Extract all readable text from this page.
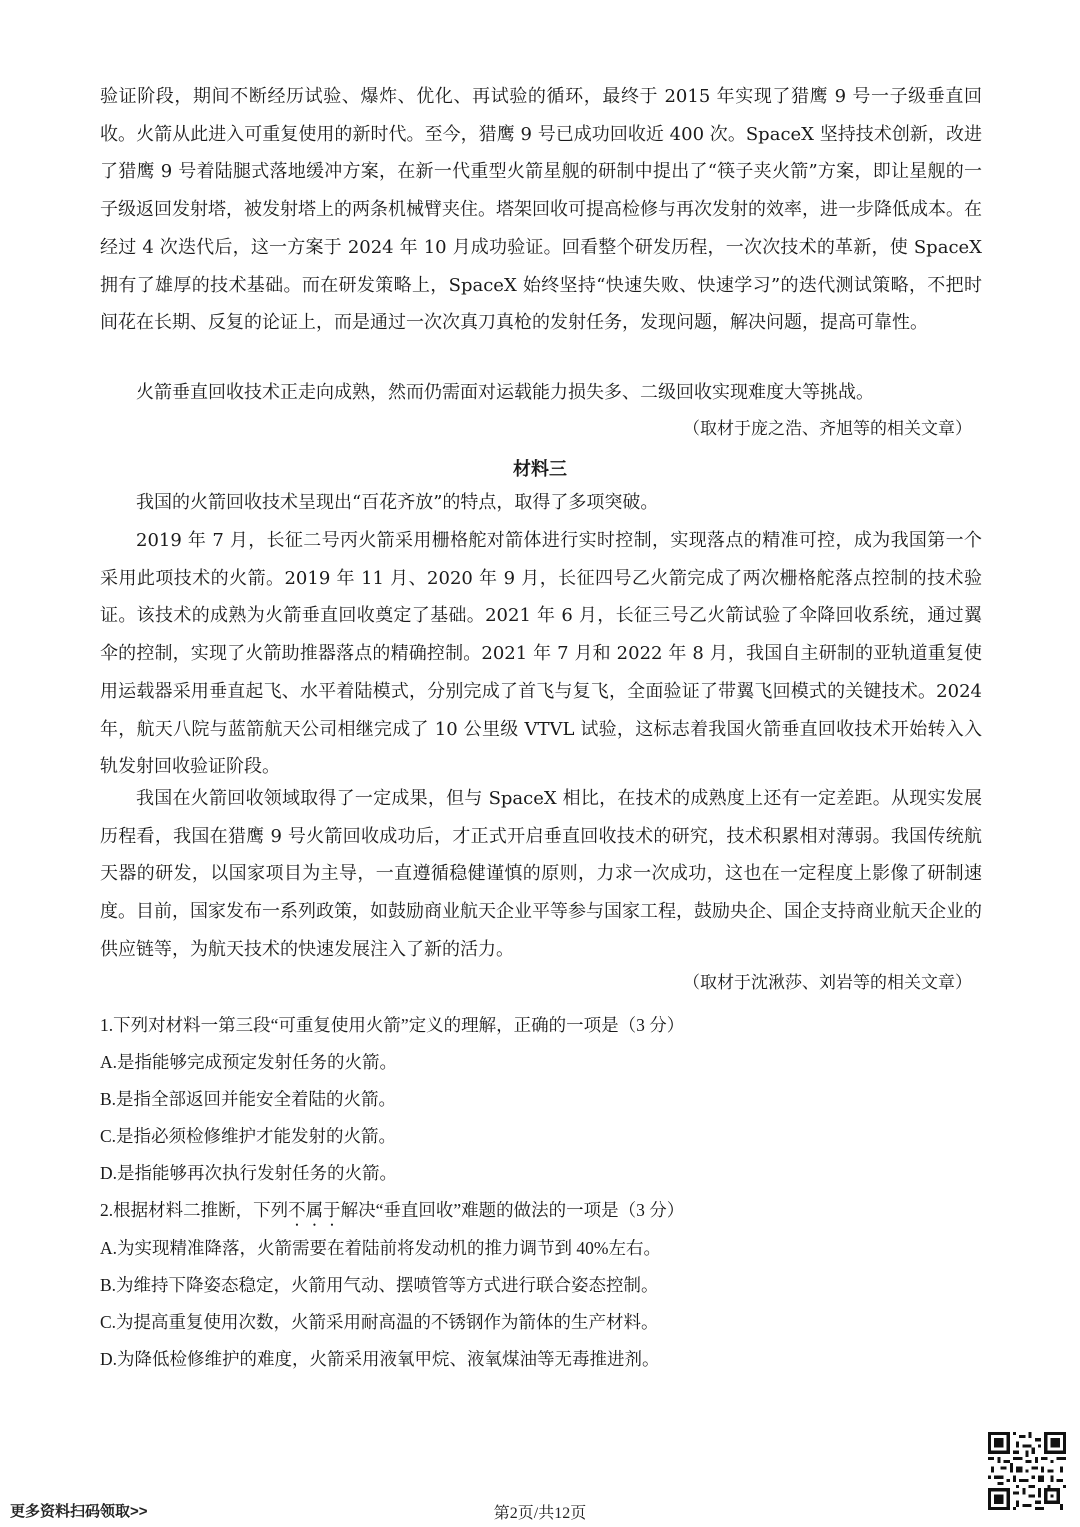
验证阶段，期间不断经历试验、爆炸、优化、再试验的循环，最终于 2015 年实现了猎鹰 9 号一子级垂直回收。火箭从此进入可重复使用的新时代。至今，猎鹰 9 号已成功回收近 400 次。SpaceX 坚持技术创新，改进了猎鹰 9 号着陆腿式落地缓冲方案，在新一代重型火箭星舰的研制中提出了“筷子夹火箭”方案，即让星舰的一子级返回发射塔，被发射塔上的两条机械臂夹住。塔架回收可提高检修与再次发射的效率，进一步降低成本。在经过 4 次迭代后，这一方案于 2024 年 10 月成功验证。回看整个研发历程，一次次技术的革新，使 SpaceX 拥有了雄厚的技术基础。而在研发策略上，SpaceX 始终坚持“快速失败、快速学习”的迭代测试策略，不把时间花在长期、反复的论证上，而是通过一次次真刀真枪的发射任务，发现问题，解决问题，提高可靠性。

火箭垂直回收技术正走向成熟，然而仍需面对运载能力损失多、二级回收实现难度大等挑战。

（取材于庞之浩、齐旭等的相关文章）

材料三

我国的火箭回收技术呈现出“百花齐放”的特点，取得了多项突破。

2019 年 7 月，长征二号丙火箭采用栅格舵对箭体进行实时控制，实现落点的精准可控，成为我国第一个采用此项技术的火箭。2019 年 11 月、2020 年 9 月，长征四号乙火箭完成了两次栅格舵落点控制的技术验证。该技术的成熟为火箭垂直回收奠定了基础。2021 年 6 月，长征三号乙火箭试验了伞降回收系统，通过翼伞的控制，实现了火箭助推器落点的精确控制。2021 年 7 月和 2022 年 8 月，我国自主研制的亚轨道重复使用运载器采用垂直起飞、水平着陆模式，分别完成了首飞与复飞，全面验证了带翼飞回模式的关键技术。2024 年，航天八院与蓝箭航天公司相继完成了 10 公里级 VTVL 试验，这标志着我国火箭垂直回收技术开始转入入轨发射回收验证阶段。

我国在火箭回收领域取得了一定成果，但与 SpaceX 相比，在技术的成熟度上还有一定差距。从现实发展历程看，我国在猎鹰 9 号火箭回收成功后，才正式开启垂直回收技术的研究，技术积累相对薄弱。我国传统航天器的研发，以国家项目为主导，一直遵循稳健谨慎的原则，力求一次成功，这也在一定程度上影像了研制速度。目前，国家发布一系列政策，如鼓励商业航天企业平等参与国家工程，鼓励央企、国企支持商业航天企业的供应链等，为航天技术的快速发展注入了新的活力。

（取材于沈湫莎、刘岩等的相关文章）

1.下列对材料一第三段“可重复使用火箭”定义的理解，正确的一项是（3 分）

A.是指能够完成预定发射任务的火箭。

B.是指全部返回并能安全着陆的火箭。

C.是指必须检修维护才能发射的火箭。

D.是指能够再次执行发射任务的火箭。

2.根据材料二推断，下列不属于解决“垂直回收”难题的做法的一项是（3 分）

A.为实现精准降落，火箭需要在着陆前将发动机的推力调节到 40%左右。

B.为维持下降姿态稳定，火箭用气动、摆喷管等方式进行联合姿态控制。

C.为提高重复使用次数，火箭采用耐高温的不锈钢作为箭体的生产材料。

D.为降低检修维护的难度，火箭采用液氧甲烷、液氧煤油等无毒推进剂。

更多资料扫码领取>>	第2页/共12页
